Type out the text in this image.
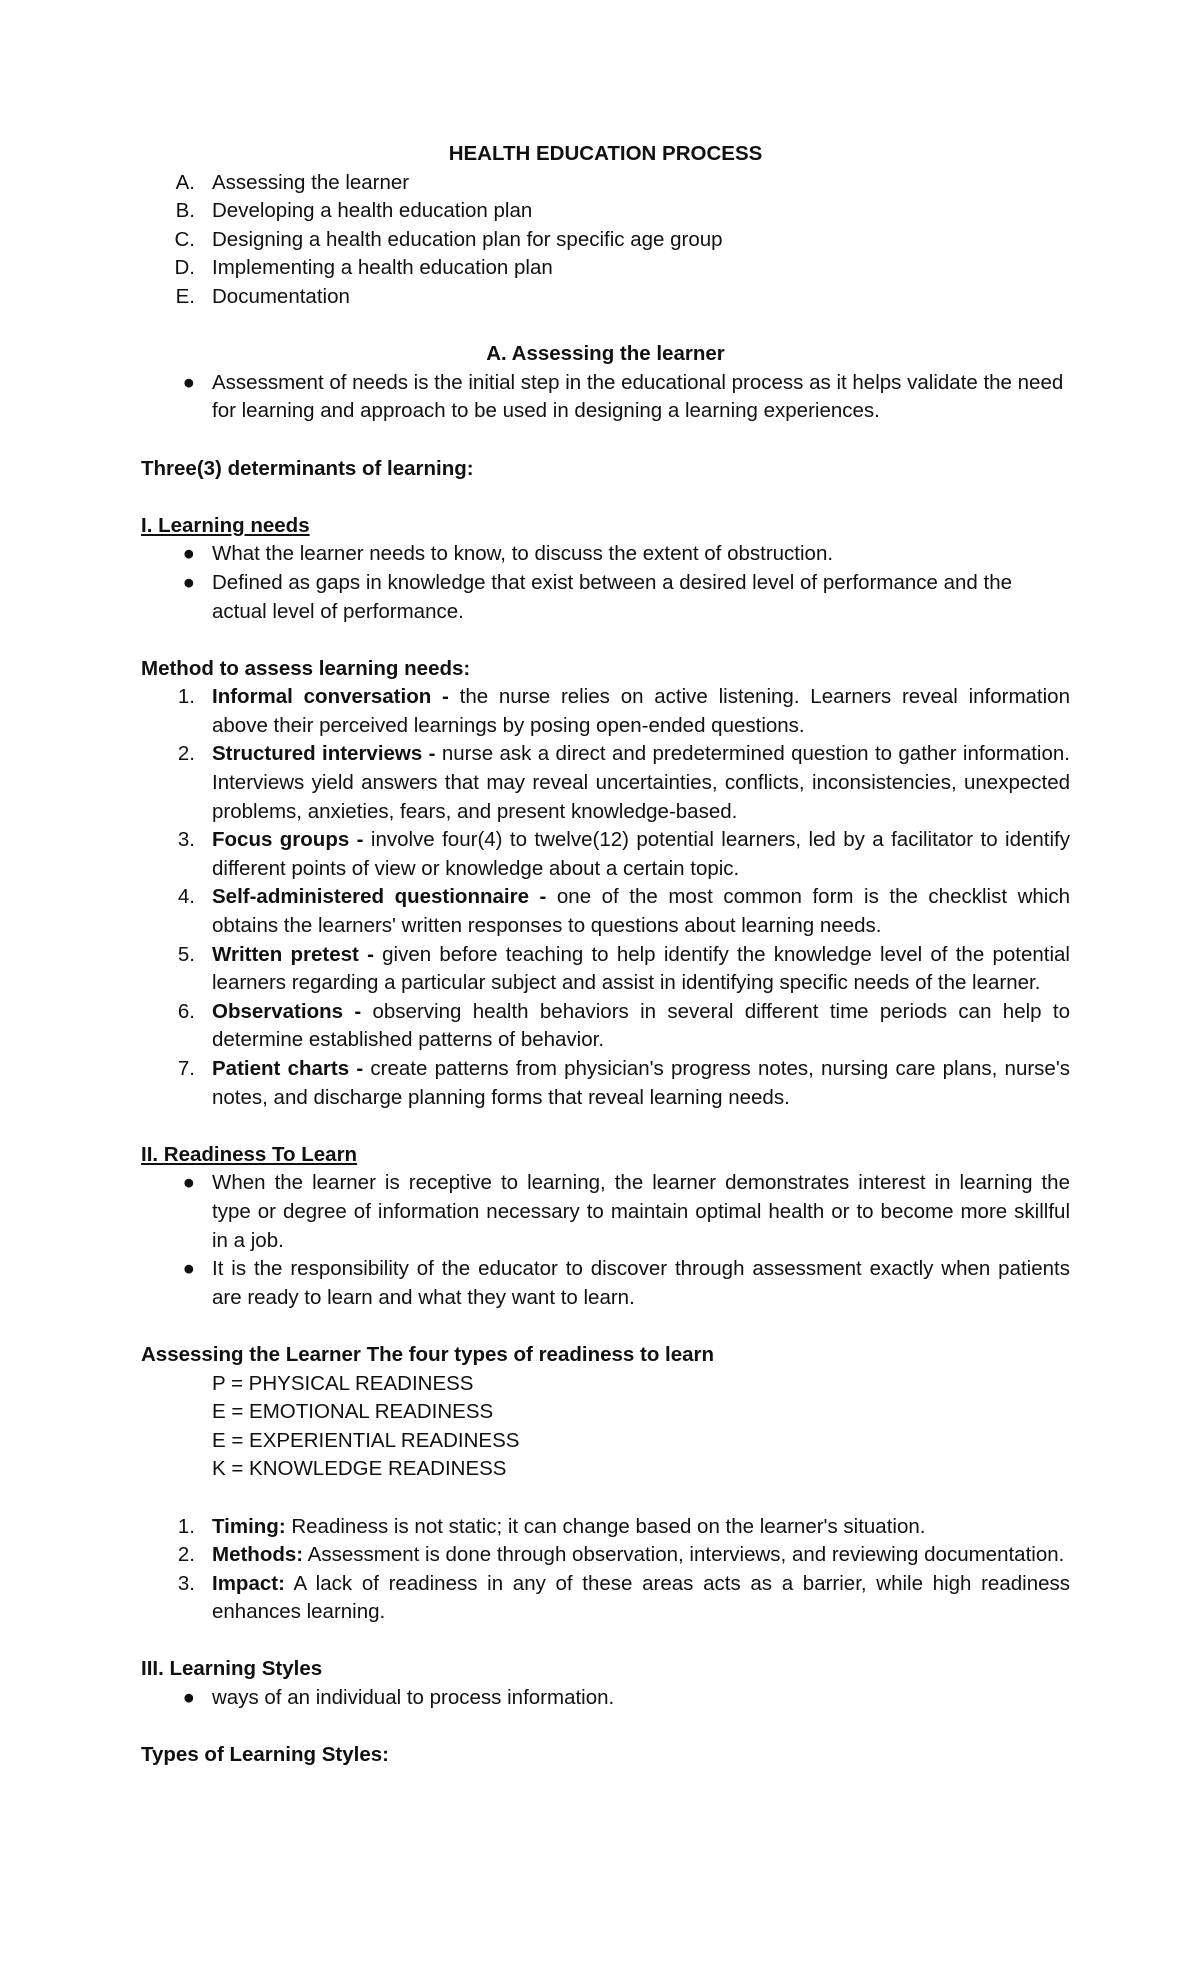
HEALTH EDUCATION PROCESS
A. Assessing the learner
B. Developing a health education plan
C. Designing a health education plan for specific age group
D. Implementing a health education plan
E. Documentation
A. Assessing the learner
● Assessment of needs is the initial step in the educational process as it helps validate the need for learning and approach to be used in designing a learning experiences.
Three(3) determinants of learning:
I. Learning needs
● What the learner needs to know, to discuss the extent of obstruction.
● Defined as gaps in knowledge that exist between a desired level of performance and the actual level of performance.
Method to assess learning needs:
1. Informal conversation - the nurse relies on active listening. Learners reveal information above their perceived learnings by posing open-ended questions.
2. Structured interviews - nurse ask a direct and predetermined question to gather information. Interviews yield answers that may reveal uncertainties, conflicts, inconsistencies, unexpected problems, anxieties, fears, and present knowledge-based.
3. Focus groups - involve four(4) to twelve(12) potential learners, led by a facilitator to identify different points of view or knowledge about a certain topic.
4. Self-administered questionnaire - one of the most common form is the checklist which obtains the learners' written responses to questions about learning needs.
5. Written pretest - given before teaching to help identify the knowledge level of the potential learners regarding a particular subject and assist in identifying specific needs of the learner.
6. Observations - observing health behaviors in several different time periods can help to determine established patterns of behavior.
7. Patient charts - create patterns from physician's progress notes, nursing care plans, nurse's notes, and discharge planning forms that reveal learning needs.
II. Readiness To Learn
● When the learner is receptive to learning, the learner demonstrates interest in learning the type or degree of information necessary to maintain optimal health or to become more skillful in a job.
● It is the responsibility of the educator to discover through assessment exactly when patients are ready to learn and what they want to learn.
Assessing the Learner The four types of readiness to learn
P = PHYSICAL READINESS
E = EMOTIONAL READINESS
E = EXPERIENTIAL READINESS
K = KNOWLEDGE READINESS
1. Timing: Readiness is not static; it can change based on the learner's situation.
2. Methods: Assessment is done through observation, interviews, and reviewing documentation.
3. Impact: A lack of readiness in any of these areas acts as a barrier, while high readiness enhances learning.
III. Learning Styles
● ways of an individual to process information.
Types of Learning Styles:
